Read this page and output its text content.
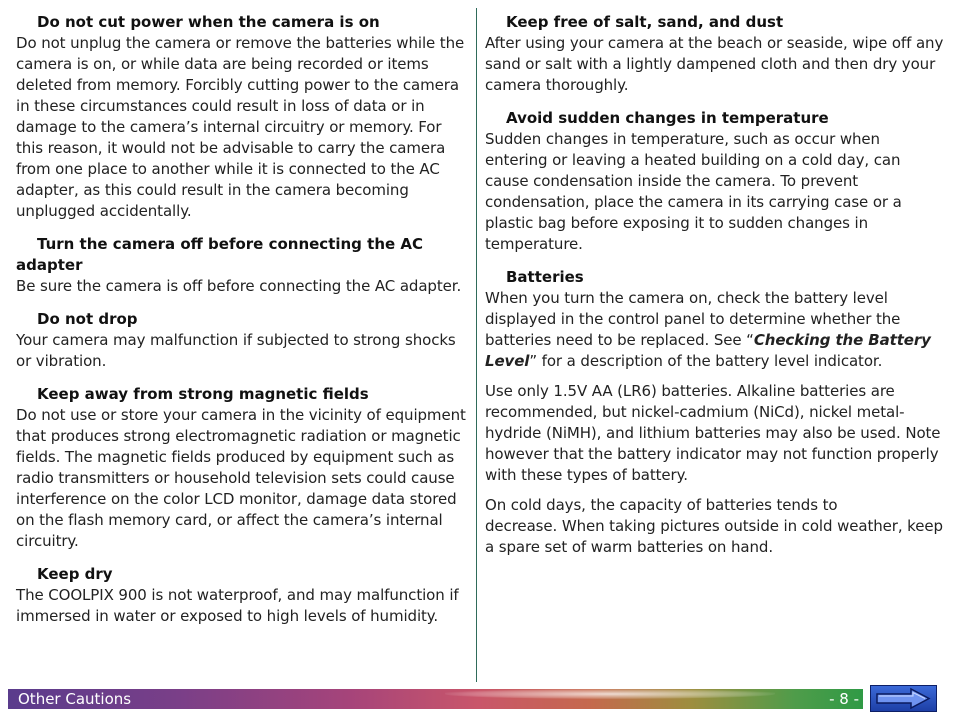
Do not cut power when the camera is on

Do not unplug the camera or remove the batteries while the camera is on, or while data are being recorded or items deleted from memory. Forcibly cutting power to the camera in these circumstances could result in loss of data or in damage to the camera’s internal circuitry or memory. For this reason, it would not be advisable to carry the camera from one place to another while it is connected to the AC adapter, as this could result in the camera becoming unplugged accidentally.

Turn the camera off before connecting the AC adapter

Be sure the camera is off before connecting the AC adapter.

Do not drop

Your camera may malfunction if subjected to strong shocks or vibration.

Keep away from strong magnetic fields

Do not use or store your camera in the vicinity of equipment that produces strong electromagnetic radiation or magnetic fields. The magnetic fields produced by equipment such as radio transmitters or household television sets could cause interference on the color LCD monitor, damage data stored on the flash memory card, or affect the camera’s internal circuitry.

Keep dry

The COOLPIX 900 is not waterproof, and may malfunction if immersed in water or exposed to high levels of humidity.

Keep free of salt, sand, and dust

After using your camera at the beach or seaside, wipe off any sand or salt with a lightly dampened cloth and then dry your camera thoroughly.

Avoid sudden changes in temperature

Sudden changes in temperature, such as occur when entering or leaving a heated building on a cold day, can cause condensation inside the camera. To prevent condensation, place the camera in its carrying case or a plastic bag before exposing it to sudden changes in temperature.

Batteries

When you turn the camera on, check the battery level displayed in the control panel to determine whether the batteries need to be replaced. See “Checking the Battery Level” for a description of the battery level indicator.

Use only 1.5V AA (LR6) batteries. Alkaline batteries are recommended, but nickel-cadmium (NiCd), nickel metal-hydride (NiMH), and lithium batteries may also be used. Note however that the battery indicator may not function properly with these types of battery.

On cold days, the capacity of batteries tends to
decrease. When taking pictures outside in cold weather, keep a spare set of warm batteries on hand.

Other Cautions	- 8 -
